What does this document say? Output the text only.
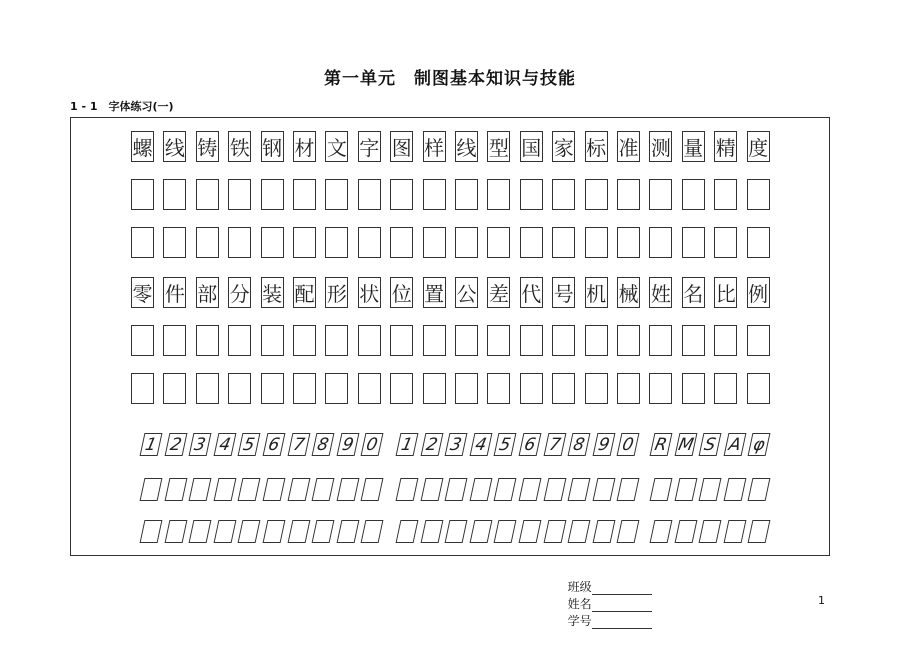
第一单元　制图基本知识与技能
1 - 1　字体练习(一)
螺 线 铸 铁 钢 材 文 字 图 样 线 型 国 家 标 准 测 量 精 度
零 件 部 分 装 配 形 状 位 置 公 差 代 号 机 械 姓 名 比 例
1 2 3 4 5 6 7 8 9 0 1 2 3 4 5 6 7 8 9 0 R M S A φ

班级
姓名
学号

1
